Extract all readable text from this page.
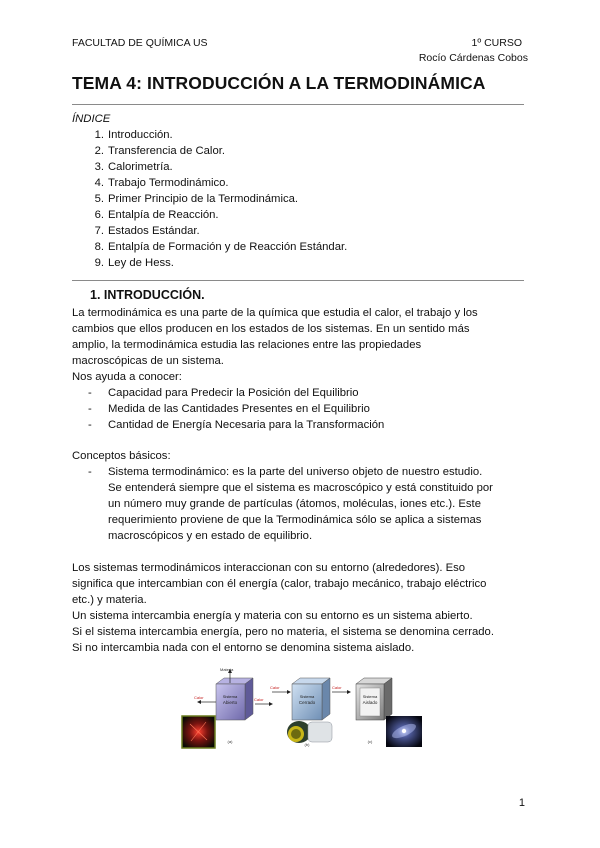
FACULTAD DE QUÍMICA US	1º CURSO
Rocío Cárdenas Cobos
TEMA 4: INTRODUCCIÓN A LA TERMODINÁMICA
ÍNDICE
1. Introducción.
2. Transferencia de Calor.
3. Calorimetría.
4. Trabajo Termodinámico.
5. Primer Principio de la Termodinámica.
6. Entalpía de Reacción.
7. Estados Estándar.
8. Entalpía de Formación y de Reacción Estándar.
9. Ley de Hess.
1. INTRODUCCIÓN.
La termodinámica es una parte de la química que estudia el calor, el trabajo y los
cambios que ellos producen en los estados de los sistemas. En un sentido más
amplio, la termodinámica estudia las relaciones entre las propiedades
macroscópicas de un sistema.
Nos ayuda a conocer:
- Capacidad para Predecir la Posición del Equilibrio
- Medida de las Cantidades Presentes en el Equilibrio
- Cantidad de Energía Necesaria para la Transformación
Conceptos básicos:
- Sistema termodinámico: es la parte del universo objeto de nuestro estudio.
Se entenderá siempre que el sistema es macroscópico y está constituido por
un número muy grande de partículas (átomos, moléculas, iones etc.). Este
requerimiento proviene de que la Termodinámica sólo se aplica a sistemas
macroscópicos y en estado de equilibrio.
Los sistemas termodinámicos interaccionan con su entorno (alrededores). Eso
significa que intercambian con él energía (calor, trabajo mecánico, trabajo eléctrico
etc.) y materia.
Un sistema intercambia energía y materia con su entorno es un sistema abierto.
Si el sistema intercambia energía, pero no materia, el sistema se denomina cerrado.
Si no intercambia nada con el entorno se denomina sistema aislado.
Sistema
Abierto
Sistema
Cerrado
Sistema
Aislado
Materia
Calor	Calor
Calor	Calor
(a)
(b)
(c)
1
